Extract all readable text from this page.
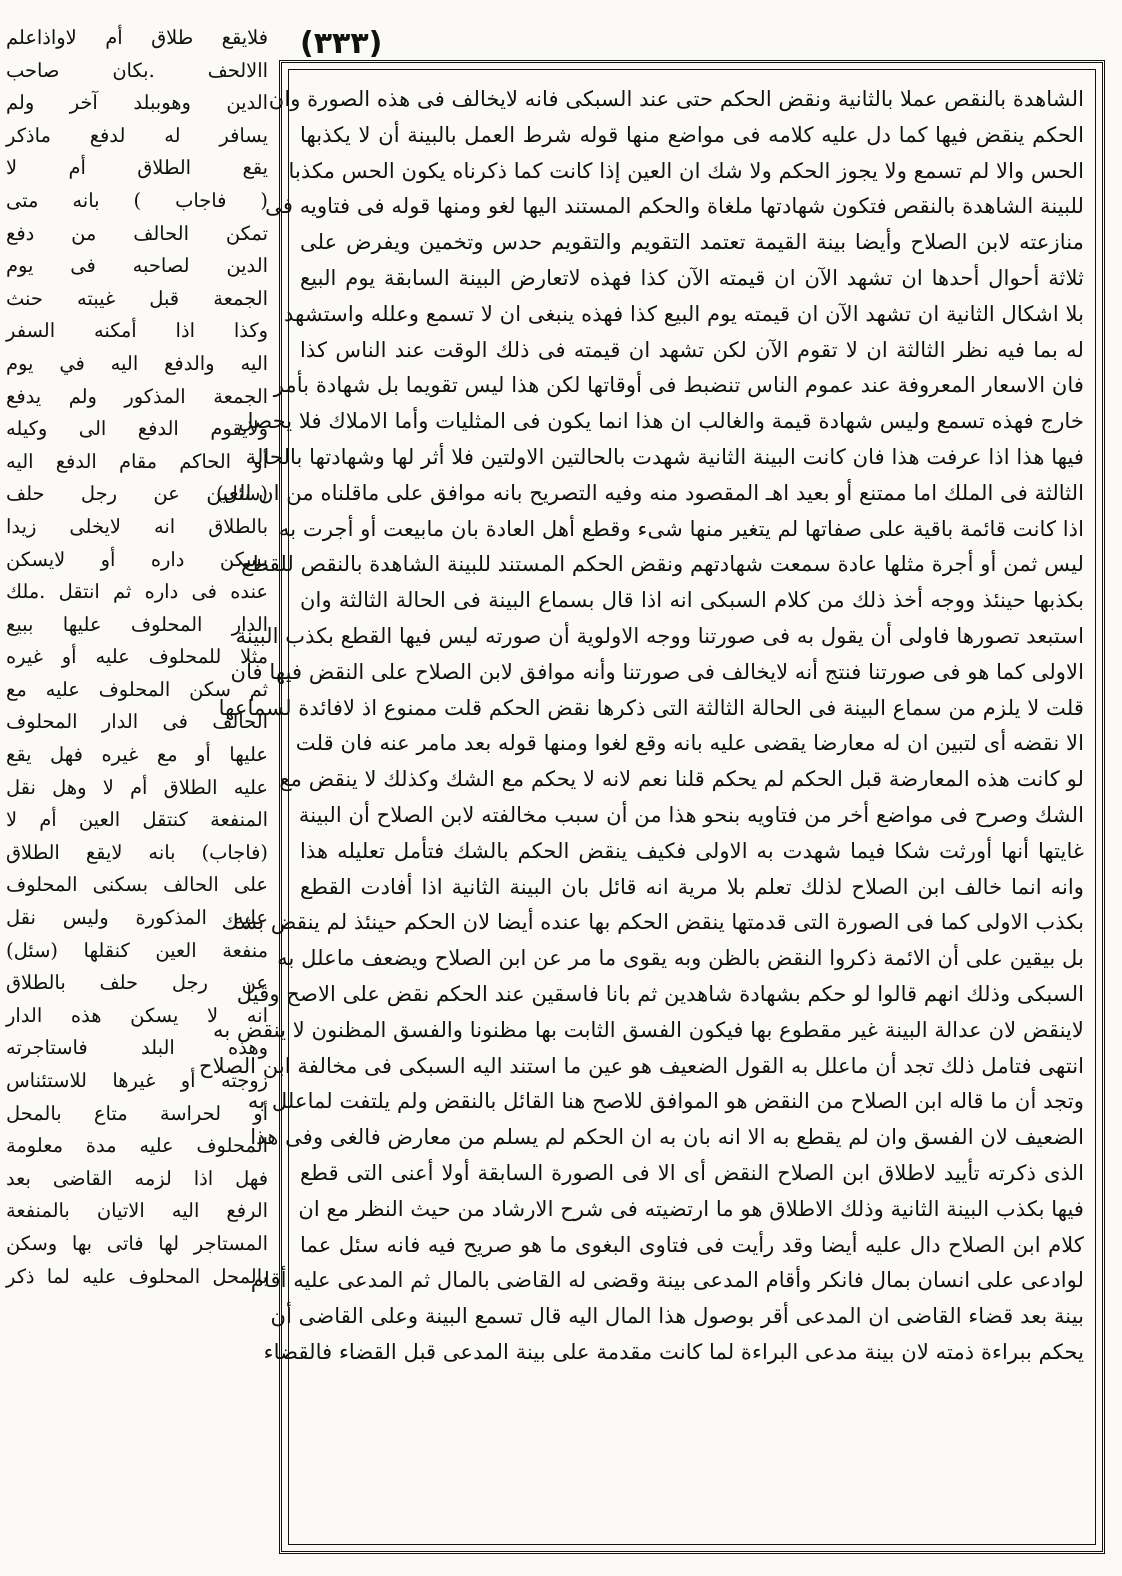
(٣٣٣)
فلايقع طلاق أم لاواذاعلم
االالحف .بكان صاحب
الدين وهوببلد آخر ولم
يسافر له لدفع ماذكر
يقع الطلاق أم لا
( فاجاب ) بانه متى
تمكن الحالف من دفع
الدين لصاحبه فى يوم
الجمعة قبل غيبته حنث
وكذا اذا أمكنه السفر
اليه والدفع اليه في يوم
الجمعة المذكور ولم يدفع
ولايقوم الدفع الى وكيله
أو الحاكم مقام الدفع اليه
(سئل) عن رجل حلف
بالطلاق انه لايخلى زيدا
يسكن داره أو لايسكن
عنده فى داره ثم انتقل .ملك
الدار المحلوف عليها ببيع
مثلا للمحلوف عليه أو غيره
ثم سكن المحلوف عليه مع
الحالف فى الدار المحلوف
عليها أو مع غيره فهل يقع
عليه الطلاق أم لا وهل نقل
المنفعة كنتقل العين أم لا
(فاجاب) بانه لايقع الطلاق
على الحالف بسكنى المحلوف
عليه المذكورة وليس نقل
منفعة العين كنقلها (سئل)
عن رجل حلف بالطلاق
انه لا يسكن هذه الدار
وهذه البلد فاستاجرته
زوجته أو غيرها للاستئناس
أو لحراسة متاع بالمحل
المحلوف عليه مدة معلومة
فهل اذا لزمه القاضى بعد
الرفع اليه الاتيان بالمنفعة
المستاجر لها فاتى بها وسكن
بالمحل المحلوف عليه لما ذكر
الشاهدة بالنقص عملا بالثانية ونقض الحكم حتى عند السبكى فانه لايخالف فى هذه الصورة وان
الحكم ينقض فيها كما دل عليه كلامه فى مواضع منها قوله شرط العمل بالبينة أن لا يكذبها
الحس والا لم تسمع ولا يجوز الحكم ولا شك ان العين إذا كانت كما ذكرناه يكون الحس مكذبا
للبينة الشاهدة بالنقص فتكون شهادتها ملغاة والحكم المستند اليها لغو ومنها قوله فى فتاويه فى
منازعته لابن الصلاح وأيضا بينة القيمة تعتمد التقويم والتقويم حدس وتخمين ويفرض على
ثلاثة أحوال أحدها ان تشهد الآن ان قيمته الآن كذا فهذه لاتعارض البينة السابقة يوم البيع
بلا اشكال الثانية ان تشهد الآن ان قيمته يوم البيع كذا فهذه ينبغى ان لا تسمع وعلله واستشهد
له بما فيه نظر الثالثة ان لا تقوم الآن لكن تشهد ان قيمته فى ذلك الوقت عند الناس كذا
فان الاسعار المعروفة عند عموم الناس تنضبط فى أوقاتها لكن هذا ليس تقويما بل شهادة بأمر
خارج فهذه تسمع وليس شهادة قيمة والغالب ان هذا انما يكون فى المثليات وأما الاملاك فلا يحصل
فيها هذا اذا عرفت هذا فان كانت البينة الثانية شهدت بالحالتين الاولتين فلا أثر لها وشهادتها بالحالة
الثالثة فى الملك اما ممتنع أو بعيد اهـ المقصود منه وفيه التصريح بانه موافق على ماقلناه من ان العين
اذا كانت قائمة باقية على صفاتها لم يتغير منها شىء وقطع أهل العادة بان مابيعت أو أجرت به
ليس ثمن أو أجرة مثلها عادة سمعت شهادتهم ونقض الحكم المستند للبينة الشاهدة بالنقص للقطع
بكذبها حينئذ ووجه أخذ ذلك من كلام السبكى انه اذا قال بسماع البينة فى الحالة الثالثة وان
استبعد تصورها فاولى أن يقول به فى صورتنا ووجه الاولوية أن صورته ليس فيها القطع بكذب البينة
الاولى كما هو فى صورتنا فنتج أنه لايخالف فى صورتنا وأنه موافق لابن الصلاح على النقض فيها فان
قلت لا يلزم من سماع البينة فى الحالة الثالثة التى ذكرها نقض الحكم قلت ممنوع اذ لافائدة لسماعها
الا نقضه أى لتبين ان له معارضا يقضى عليه بانه وقع لغوا ومنها قوله بعد مامر عنه فان قلت
لو كانت هذه المعارضة قبل الحكم لم يحكم قلنا نعم لانه لا يحكم مع الشك وكذلك لا ينقض مع
الشك وصرح فى مواضع أخر من فتاويه بنحو هذا من أن سبب مخالفته لابن الصلاح أن البينة
غايتها أنها أورثت شكا فيما شهدت به الاولى فكيف ينقض الحكم بالشك فتأمل تعليله هذا
وانه انما خالف ابن الصلاح لذلك تعلم بلا مرية انه قائل بان البينة الثانية اذا أفادت القطع
بكذب الاولى كما فى الصورة التى قدمتها ينقض الحكم بها عنده أيضا لان الحكم حينئذ لم ينقض بشك
بل بيقين على أن الائمة ذكروا النقض بالظن وبه يقوى ما مر عن ابن الصلاح ويضعف ماعلل به
السبكى وذلك انهم قالوا لو حكم بشهادة شاهدين ثم بانا فاسقين عند الحكم نقض على الاصح وقيل
لاينقض لان عدالة البينة غير مقطوع بها فيكون الفسق الثابت بها مظنونا والفسق المظنون لا ينقض به
انتهى فتامل ذلك تجد أن ماعلل به القول الضعيف هو عين ما استند اليه السبكى فى مخالفة ابن الصلاح
وتجد أن ما قاله ابن الصلاح من النقض هو الموافق للاصح هنا القائل بالنقض ولم يلتفت لماعلل به
الضعيف لان الفسق وان لم يقطع به الا انه بان به ان الحكم لم يسلم من معارض فالغى وفى هذا
الذى ذكرته تأييد لاطلاق ابن الصلاح النقض أى الا فى الصورة السابقة أولا أعنى التى قطع
فيها بكذب البينة الثانية وذلك الاطلاق هو ما ارتضيته فى شرح الارشاد من حيث النظر مع ان
كلام ابن الصلاح دال عليه أيضا وقد رأيت فى فتاوى البغوى ما هو صريح فيه فانه سئل عما
لوادعى على انسان بمال فانكر وأقام المدعى بينة وقضى له القاضى بالمال ثم المدعى عليه أقام
بينة بعد قضاء القاضى ان المدعى أقر بوصول هذا المال اليه قال تسمع البينة وعلى القاضى أن
يحكم ببراءة ذمته لان بينة مدعى البراءة لما كانت مقدمة على بينة المدعى قبل القضاء فالقضاء
